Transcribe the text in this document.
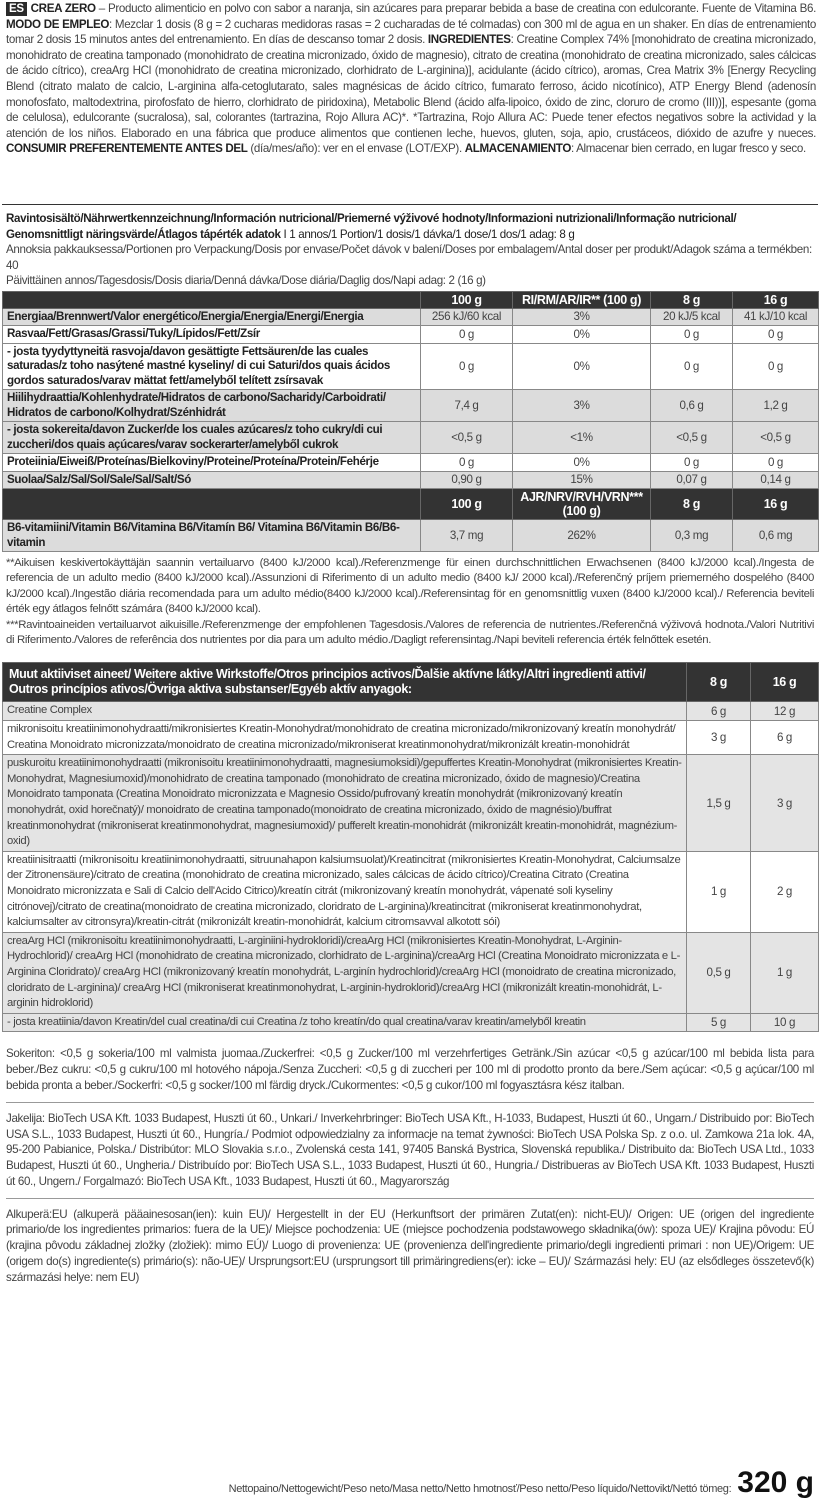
ES CREA ZERO – Producto alimenticio en polvo con sabor a naranja, sin azúcares para preparar bebida a base de creatina con edulcorante. Fuente de Vitamina B6. MODO DE EMPLEO: Mezclar 1 dosis (8 g = 2 cucharas medidoras rasas = 2 cucharadas de té colmadas) con 300 ml de agua en un shaker. En días de entrenamiento tomar 2 dosis 15 minutos antes del entrenamiento. En días de descanso tomar 2 dosis. INGREDIENTES: Creatine Complex 74% [monohidrato de creatina micronizado, monohidrato de creatina tamponado (monohidrato de creatina micronizado, óxido de magnesio), citrato de creatina (monohidrato de creatina micronizado, sales cálcicas de ácido cítrico), creaArg HCl (monohidrato de creatina micronizado, clorhidrato de L-arginina)], acidulante (ácido cítrico), aromas, Crea Matrix 3% [Energy Recycling Blend (citrato malato de calcio, L-arginina alfa-cetoglutarato, sales magnésicas de ácido cítrico, fumarato ferroso, ácido nicotínico), ATP Energy Blend (adenosín monofosfato, maltodextrina, pirofosfato de hierro, clorhidrato de piridoxina), Metabolic Blend (ácido alfa-lipoico, óxido de zinc, cloruro de cromo (III))], espesante (goma de celulosa), edulcorante (sucralosa), sal, colorantes (tartrazina, Rojo Allura AC)*. *Tartrazina, Rojo Allura AC: Puede tener efectos negativos sobre la actividad y la atención de los niños. Elaborado en una fábrica que produce alimentos que contienen leche, huevos, gluten, soja, apio, crustáceos, dióxido de azufre y nueces. CONSUMIR PREFERENTEMENTE ANTES DEL (día/mes/año): ver en el envase (LOT/EXP). ALMACENAMIENTO: Almacenar bien cerrado, en lugar fresco y seco.
Ravintosisältö/Nährwertkennzeichnung/Información nutricional/Priemerné výživové hodnoty/Informazioni nutrizionali/Informação nutricional/ Genomsnittligt näringsvärde/Átlagos tápérték adatok I 1 annos/1 Portion/1 dosis/1 dávka/1 dose/1 dos/1 adag: 8 g
Annoksia pakkauksessa/Portionen pro Verpackung/Dosis por envase/Počet dávok v balení/Doses por embalagem/Antal doser per produkt/Adagok száma a termékben: 40
Päivittäinen annos/Tagesdosis/Dosis diaria/Denná dávka/Dose diária/Daglig dos/Napi adag: 2 (16 g)
	100 g	RI/RM/AR/IR** (100 g)	8 g	16 g
Energiaa/Brennwert/Valor energético/Energia/Energia/Energi/Energia	256 kJ/60 kcal	3%	20 kJ/5 kcal	41 kJ/10 kcal
Rasvaa/Fett/Grasas/Grassi/Tuky/Lípidos/Fett/Zsír	0 g	0%	0 g	0 g
- josta tyydyttyneitä rasvoja/davon gesättigte Fettsäuren/de las cuales saturadas/z toho nasýtené mastné kyseliny/ di cui Saturi/dos quais ácidos gordos saturados/varav mättat fett/amelyből telített zsírsavak	0 g	0%	0 g	0 g
Hiilihydraattia/Kohlenhydrate/Hidratos de carbono/Sacharidy/Carboidrati/ Hidratos de carbono/Kolhydrat/Szénhidrát	7,4 g	3%	0,6 g	1,2 g
- josta sokereita/davon Zucker/de los cuales azúcares/z toho cukry/di cui zuccheri/dos quais açúcares/varav sockerarter/amelyből cukrok	<0,5 g	<1%	<0,5 g	<0,5 g
Proteiinia/Eiweiß/Proteínas/Bielkoviny/Proteine/Proteína/Protein/Fehérje	0 g	0%	0 g	0 g
Suolaa/Salz/Sal/Sol/Sale/Sal/Salt/Só	0,90 g	15%	0,07 g	0,14 g
	100 g	AJR/NRV/RVH/VRN*** (100 g)	8 g	16 g
B6-vitamiini/Vitamin B6/Vitamina B6/Vitamín B6/ Vitamina B6/Vitamin B6/B6-vitamin	3,7 mg	262%	0,3 mg	0,6 mg
**Aikuisen keskivertokäyttäjän saannin vertailuarvo (8400 kJ/2000 kcal)./Referenzmenge für einen durchschnittlichen Erwachsenen (8400 kJ/2000 kcal)./Ingesta de referencia de un adulto medio (8400 kJ/2000 kcal)./Assunzioni di Riferimento di un adulto medio (8400 kJ/ 2000 kcal)./Referenčný príjem priemerného dospelého (8400 kJ/2000 kcal)./Ingestão diária recomendada para um adulto médio(8400 kJ/2000 kcal)./Referensintag för en genomsnittlig vuxen (8400 kJ/2000 kcal)./ Referencia beviteli érték egy átlagos felnőtt számára (8400 kJ/2000 kcal).
***Ravintoaineiden vertailuarvot aikuisille./Referenzmenge der empfohlenen Tagesdosis./Valores de referencia de nutrientes./Referenčná výživová hodnota./Valori Nutritivi di Riferimento./Valores de referência dos nutrientes por dia para um adulto médio./Dagligt referensintag./Napi beviteli referencia érték felnőttek esetén.
Muut aktiiviset aineet/ Weitere aktive Wirkstoffe/Otros principios activos/Ďalšie aktívne látky/Altri ingredienti attivi/ Outros princípios ativos/Övriga aktiva substanser/Egyéb aktív anyagok:	8 g	16 g
Creatine Complex	6 g	12 g
mikronisoitu kreatiinimonohydraatti/mikronisiertes Kreatin-Monohydrat/monohidrato de creatina micronizado/mikronizovaný kreatín monohydrát/ Creatina Monoidrato micronizzata/monoidrato de creatina micronizado/mikroniserat kreatinmonohydrat/mikronizált kreatin-monohidrát	3 g	6 g
puskuroitu kreatiinimonohydraatti (mikronisoitu kreatiinimonohydraatti, magnesiumoksidi)/gepuffertes Kreatin-Monohydrat (mikronisiertes Kreatin-Monohydrat, Magnesiumoxid)/monohidrato de creatina tamponado (monohidrato de creatina micronizado, óxido de magnesio)/Creatina Monoidrato tamponata (Creatina Monoidrato micronizzata e Magnesio Ossido/pufrovaný kreatín monohydrát (mikronizovaný kreatín monohydrát, oxid horečnatý)/ monoidrato de creatina tamponado(monoidrato de creatina micronizado, óxido de magnésio)/buffrat kreatinmonohydrat (mikroniserat kreatinmonohydrat, magnesiumoxid)/ pufferelt kreatin-monohidrát (mikronizált kreatin-monohidrát, magnézium-oxid)	1,5 g	3 g
kreatiinisitraatti (mikronisoitu kreatiinimonohydraatti, sitruunahapon kalsiumsuolat)/Kreatincitrat (mikronisiertes Kreatin-Monohydrat, Calciumsalze der Zitronensäure)/citrato de creatina (monohidrato de creatina micronizado, sales cálcicas de ácido cítrico)/Creatina Citrato (Creatina Monoidrato micronizzata e Sali di Calcio dell'Acido Citrico)/kreatín citrát (mikronizovaný kreatín monohydrát, vápenaté soli kyseliny citrónovej)/citrato de creatina(monoidrato de creatina micronizado, cloridrato de L-arginina)/kreatincitrat (mikroniserat kreatinmonohydrat, kalciumsalter av citronsyra)/kreatin-citrát (mikronizált kreatin-monohidrát, kalcium citromsavval alkotott sói)	1 g	2 g
creaArg HCl (mikronisoitu kreatiinimonohydraatti, L-arginiini-hydrokloridi)/creaArg HCl (mikronisiertes Kreatin-Monohydrat, L-Arginin-Hydrochlorid)/ creaArg HCl (monohidrato de creatina micronizado, clorhidrato de L-arginina)/creaArg HCl (Creatina Monoidrato micronizzata e L-Arginina Cloridrato)/ creaArg HCl (mikronizovaný kreatín monohydrát, L-arginín hydrochlorid)/creaArg HCl (monoidrato de creatina micronizado, cloridrato de L-arginina)/ creaArg HCl (mikroniserat kreatinmonohydrat, L-arginin-hydroklorid)/creaArg HCl (mikronizált kreatin-monohidrát, L-arginin hidroklorid)	0,5 g	1 g
- josta kreatiinia/davon Kreatin/del cual creatina/di cui Creatina /z toho kreatín/do qual creatina/varav kreatin/amelyből kreatin	5 g	10 g

Sokeriton: <0,5 g sokeria/100 ml valmista juomaa./Zuckerfrei: <0,5 g Zucker/100 ml verzehrfertiges Getränk./Sin azúcar <0,5 g azúcar/100 ml bebida lista para beber./Bez cukru: <0,5 g cukru/100 ml hotového nápoja./Senza Zuccheri: <0,5 g di zuccheri per 100 ml di prodotto pronto da bere./Sem açúcar: <0,5 g açúcar/100 ml bebida pronta a beber./Sockerfri: <0,5 g socker/100 ml färdig dryck./Cukormentes: <0,5 g cukor/100 ml fogyasztásra kész italban.

Jakelija: BioTech USA Kft. 1033 Budapest, Huszti út 60., Unkari./ Inverkehrbringer: BioTech USA Kft., H-1033, Budapest, Huszti út 60., Ungarn./ Distribuido por: BioTech USA S.L., 1033 Budapest, Huszti út 60., Hungría./ Podmiot odpowiedzialny za informacje na temat żywności: BioTech USA Polska Sp. z o.o. ul. Zamkowa 21a lok. 4A, 95-200 Pabianice, Polska./ Distribútor: MLO Slovakia s.r.o., Zvolenská cesta 141, 97405 Banská Bystrica, Slovenská republika./ Distribuito da: BioTech USA Ltd., 1033 Budapest, Huszti út 60., Ungheria./ Distribuído por: BioTech USA S.L., 1033 Budapest, Huszti út 60., Hungria./ Distribueras av BioTech USA Kft. 1033 Budapest, Huszti út 60., Ungern./ Forgalmazó: BioTech USA Kft., 1033 Budapest, Huszti út 60., Magyarország

Alkuperä:EU (alkuperä pääainesosan(ien): kuin EU)/ Hergestellt in der EU (Herkunftsort der primären Zutat(en): nicht-EU)/ Origen: UE (origen del ingrediente primario/de los ingredientes primarios: fuera de la UE)/ Miejsce pochodzenia: UE (miejsce pochodzenia podstawowego składnika(ów): spoza UE)/ Krajina pôvodu: EÚ (krajina pôvodu základnej zložky (zložiek): mimo EÚ)/ Luogo di provenienza: UE (provenienza dell'ingrediente primario/degli ingredienti primari : non UE)/Origem: UE (origem do(s) ingrediente(s) primário(s): não-UE)/ Ursprungsort:EU (ursprungsort till primäringrediens(er): icke – EU)/ Származási hely: EU (az elsődleges összetevő(k) származási helye: nem EU)

Nettopaino/Nettogewicht/Peso neto/Masa netto/Netto hmotnosť/Peso netto/Peso líquido/Nettovikt/Nettó tömeg: 320 g
